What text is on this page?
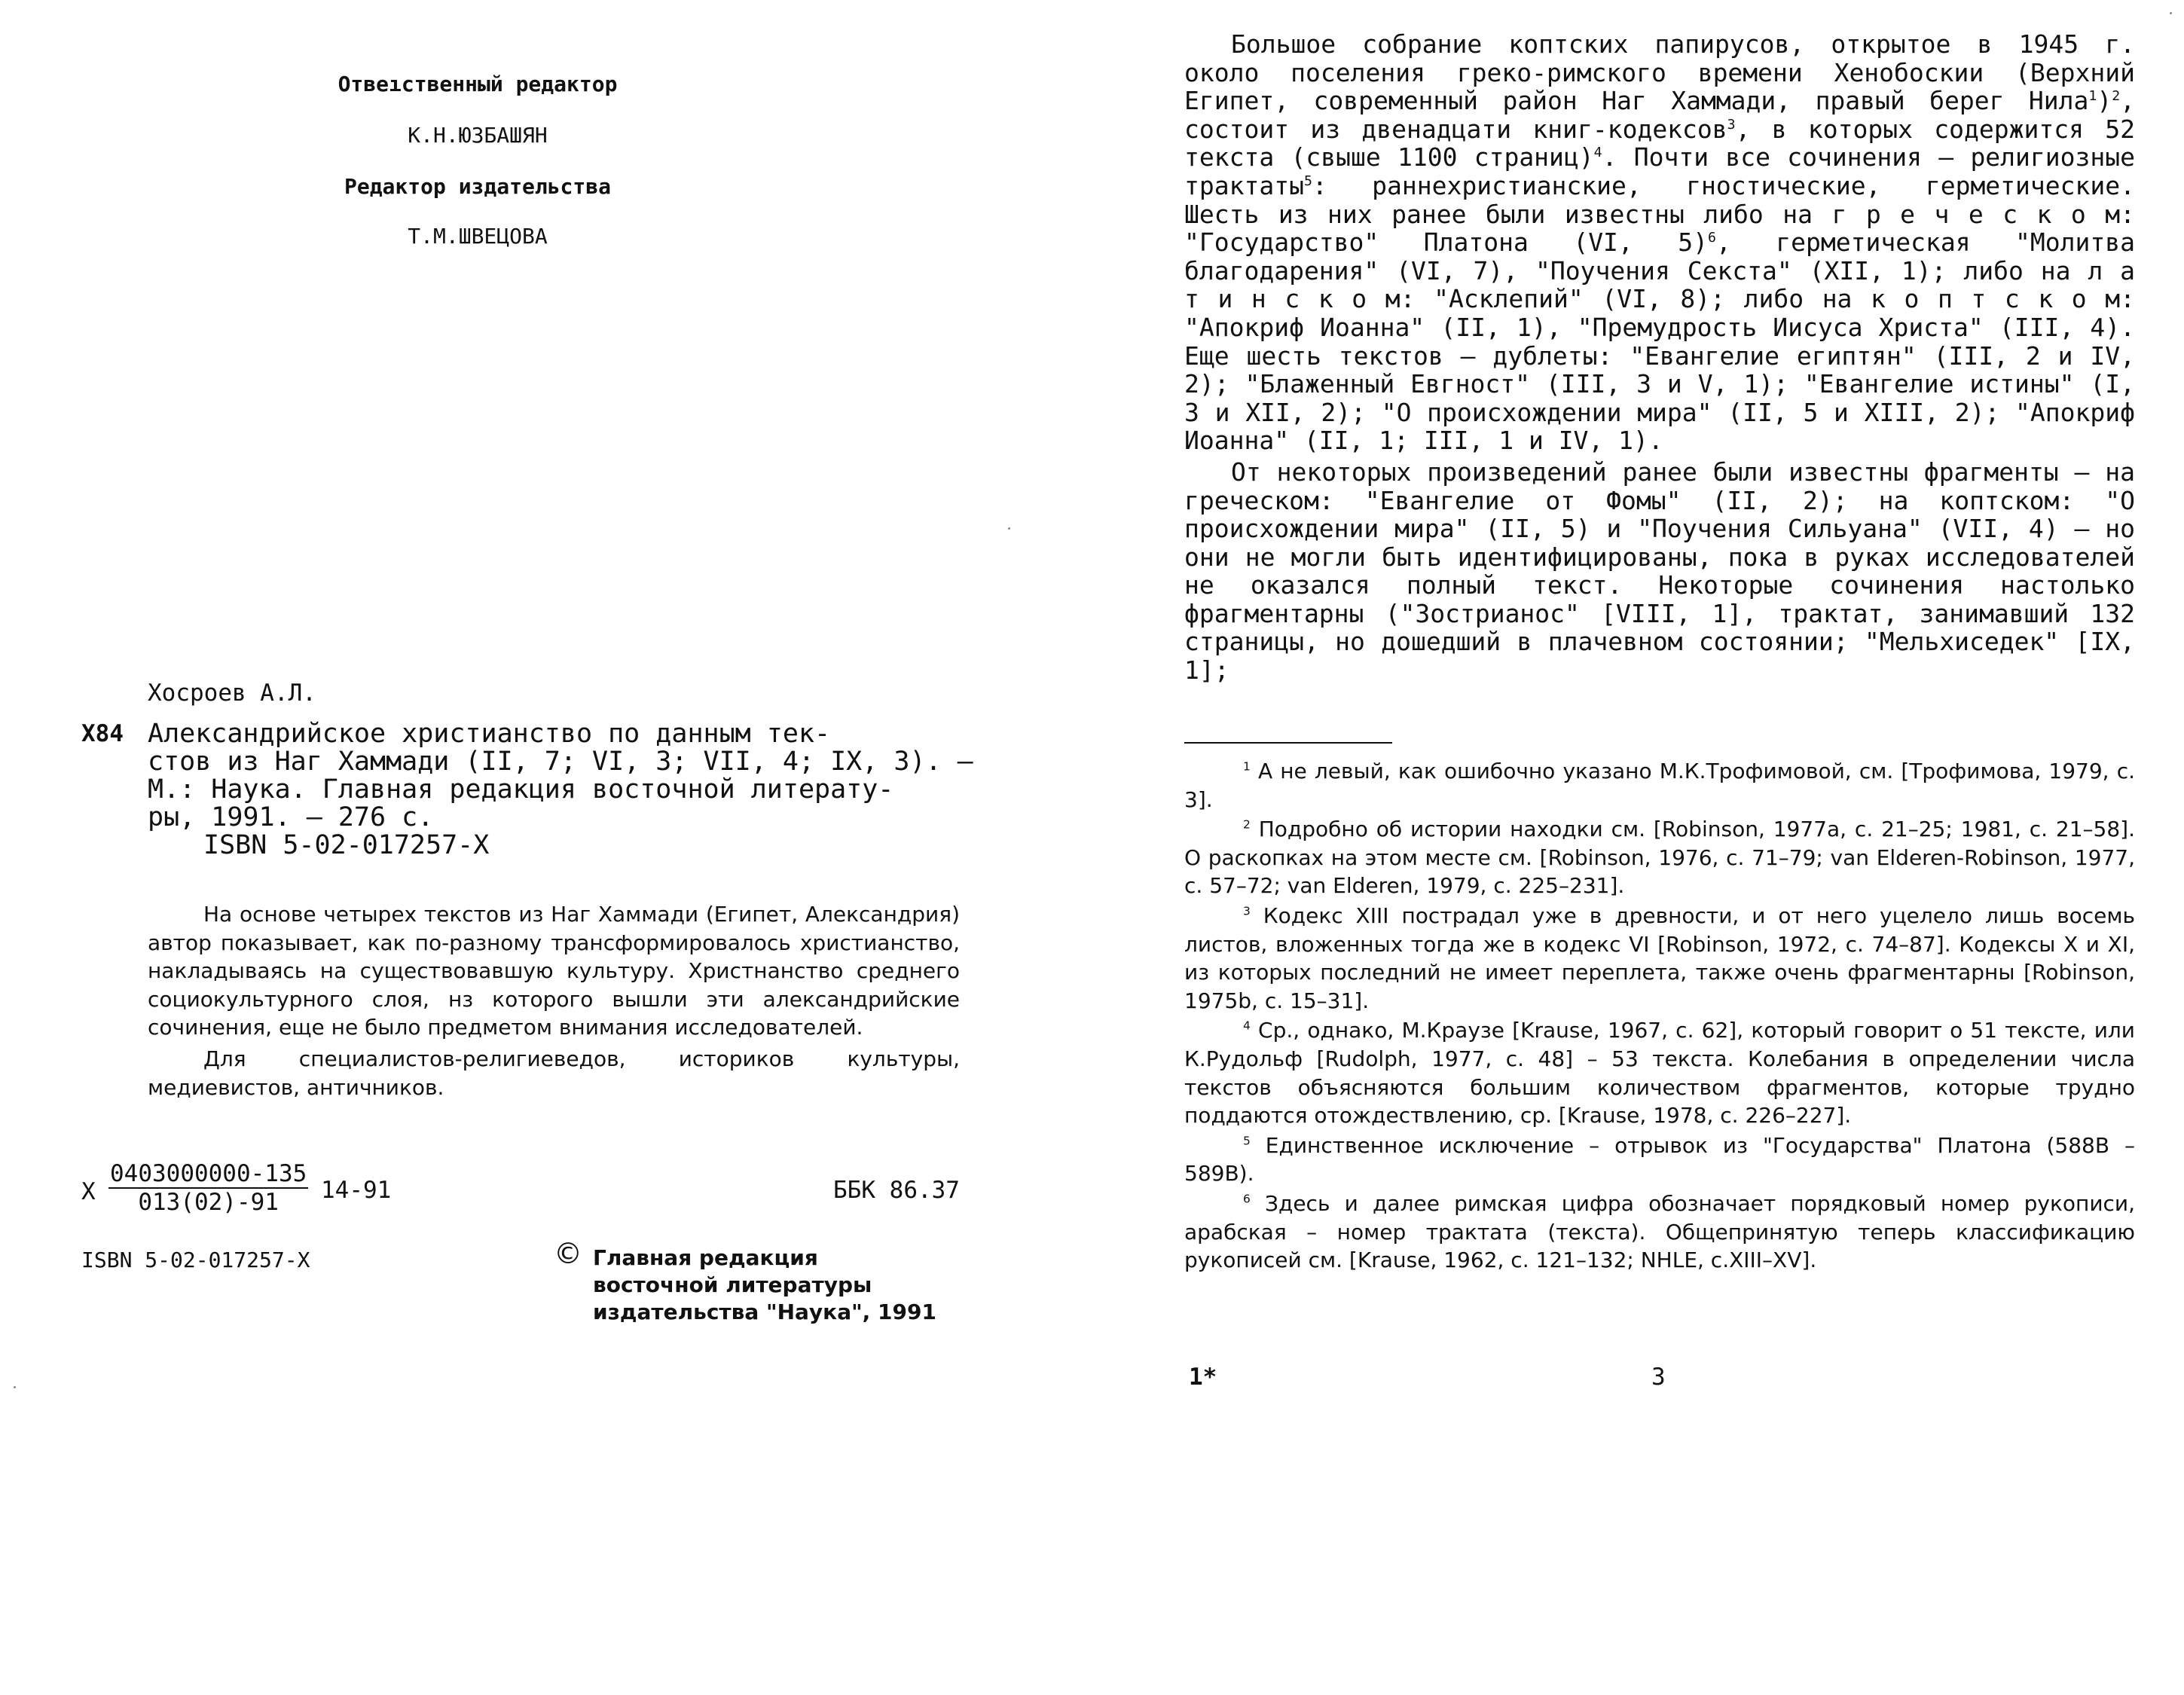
Отвеıственный редактор
К.Н.ЮЗБАШЯН
Редактор издательства
Т.М.ШВЕЦОВА
Хосроев А.Л.
Х84 Александрийское христианство по данным тек-
стов из Наг Хаммади (II, 7; VI, 3; VII, 4; IX, 3). –
М.: Наука. Главная редакция восточной литерату-
ры, 1991. – 276 с.
ISBN 5-02-017257-Х

На основе четырех текстов из Наг Хаммади (Египет, Александрия) автор показывает, как по-разному трансформировалось христианство, накладываясь на существовавшую культуру. Христнанство среднего социокультурного слоя, нз которого вышли эти александрийские сочинения, еще не было предметом внимания исследователей.

Для специалистов-религиеведов, историков культуры, медиевистов, античников.

Х $\frac{0403000000-135}{013(02)-91} 14-91$	ББК 86.37
ISBN 5-02-017257-Х	© Главная редакция
восточной литературы
издательства "Наука", 1991

Большое собрание коптских папирусов, открытое в 1945 г. около поселения греко-римского времени Хенобоскии (Верхний Египет, современный район Наг Хаммади, правый берег Нила$^1$)$^2$, состоит из двенадцати книг-кодексов$^3$, в которых содержится 52 текста (свыше 1100 страниц)$^4$. Почти все сочинения – религиозные трактаты$^5$: раннехристианские, гностические, герметические. Шесть из них ранее были известны либо на г р е ч е с к о м: "Государство" Платона (VI, 5)$^6$, герметическая "Молитва благодарения" (VI, 7), "Поучения Секста" (XII, 1); либо на л а т и н с к о м: "Асклепий" (VI, 8); либо на к о п т с к о м: "Апокриф Иоанна" (II, 1), "Премудрость Иисуса Христа" (III, 4). Еще шесть текстов – дублеты: "Евангелие египтян" (III, 2 и IV, 2); "Блаженный Евгност" (III, 3 и V, 1); "Евангелие истины" (I, 3 и XII, 2); "О происхождении мира" (II, 5 и XIII, 2); "Апокриф Иоанна" (II, 1; III, 1 и IV, 1).

От некоторых произведений ранее были известны фрагменты – на греческом: "Евангелие от Фомы" (II, 2); на коптском: "О происхождении мира" (II, 5) и "Поучения Сильуана" (VII, 4) – но они не могли быть идентифицированы, пока в руках исследователей не оказался полный текст. Некоторые сочинения настолько фрагментарны ("Зострианос" [VIII, 1], трактат, занимавший 132 страницы, но дошедший в плачевном состоянии; "Мельхиседек" [IX, 1];

$^1$ А не левый, как ошибочно указано М.К.Трофимовой, см. [Трофимова, 1979, с. 3].

$^2$ Подробно об истории находки см. [Robinson, 1977a, с. 21–25; 1981, с. 21–58]. О раскопках на этом месте см. [Robinson, 1976, с. 71–79; van Elderen-Robinson, 1977, с. 57–72; van Elderen, 1979, с. 225–231].

$^3$ Кодекс XIII пострадал уже в древности, и от него уцелело лишь восемь листов, вложенных тогда же в кодекс VI [Robinson, 1972, с. 74–87]. Кодексы X и XI, из которых последний не имеет переплета, также очень фрагментарны [Robinson, 1975b, с. 15–31].

$^4$ Ср., однако, М.Краузе [Krause, 1967, с. 62], который говорит о 51 тексте, или К.Рудольф [Rudolph, 1977, с. 48] – 53 текста. Колебания в определении числа текстов объясняются большим количеством фрагментов, которые трудно поддаются отождествлению, ср. [Krause, 1978, с. 226–227].

$^5$ Единственное исключение – отрывок из "Государства" Платона (588В – 589В).

$^6$ Здесь и далее римская цифра обозначает порядковый номер рукописи, арабская – номер трактата (текста). Общепринятую теперь классификацию рукописей см. [Krause, 1962, с. 121–132; NHLE, с.XIII–XV].

1*	3
